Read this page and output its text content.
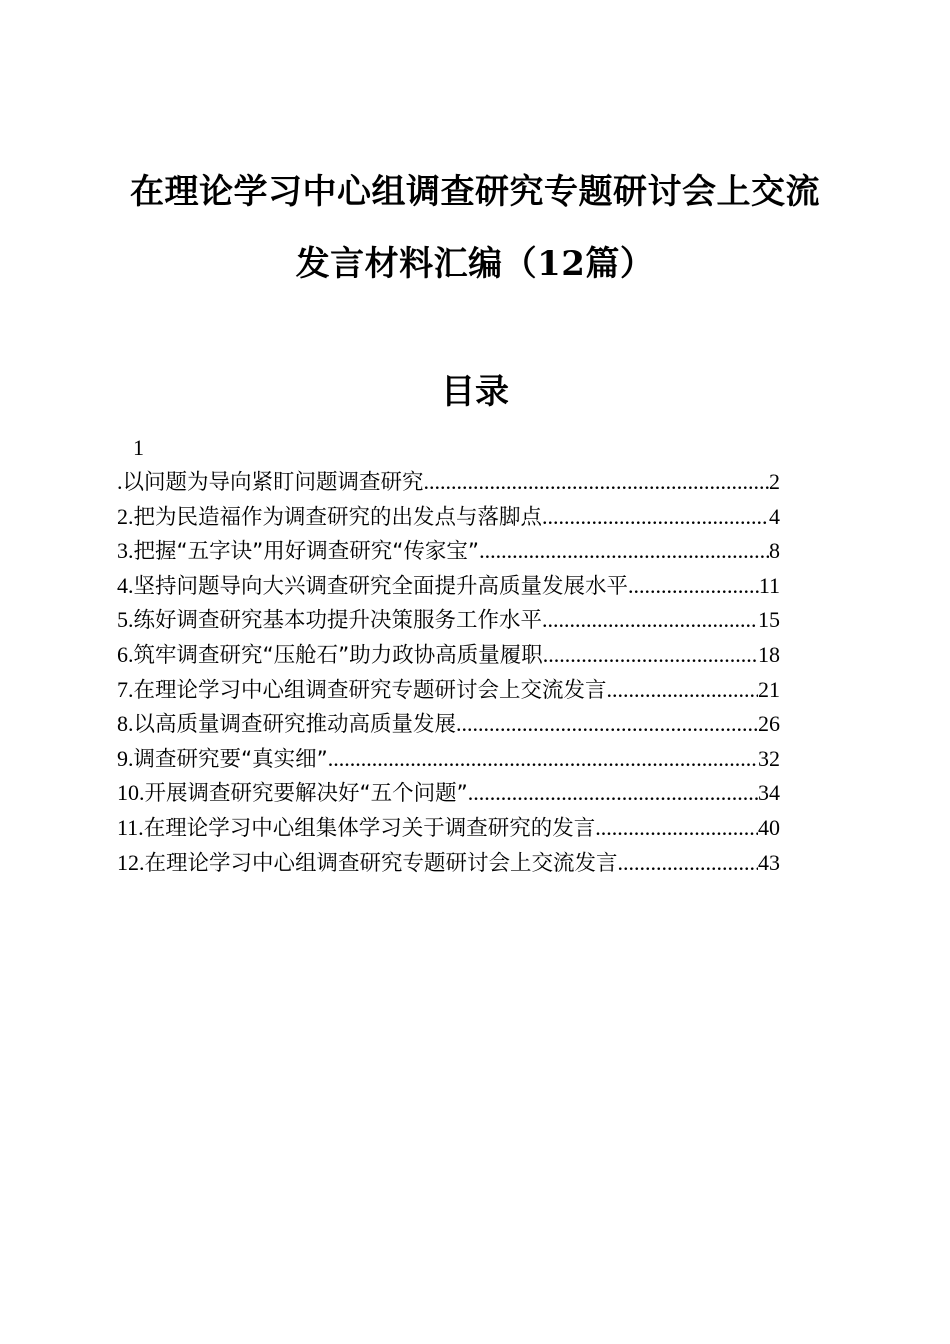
在理论学习中心组调查研究专题研讨会上交流
发言材料汇编（12篇）
目录
1
. 以问题为导向紧盯问题调查研究 .....	2
2. 把为民造福作为调查研究的出发点与落脚点 .....	4
3. 把握“五字诀”用好调查研究“传家宝” .....	8
4. 坚持问题导向大兴调查研究全面提升高质量发展水平 .....	11
5. 练好调查研究基本功提升决策服务工作水平 .....	15
6. 筑牢调查研究“压舱石”助力政协高质量履职 .....	18
7. 在理论学习中心组调查研究专题研讨会上交流发言 .....	21
8. 以高质量调查研究推动高质量发展 .....	26
9. 调查研究要“真实细” .....	32
10. 开展调查研究要解决好“五个问题” .....	34
11. 在理论学习中心组集体学习关于调查研究的发言 .....	40
12. 在理论学习中心组调查研究专题研讨会上交流发言 .....	43
